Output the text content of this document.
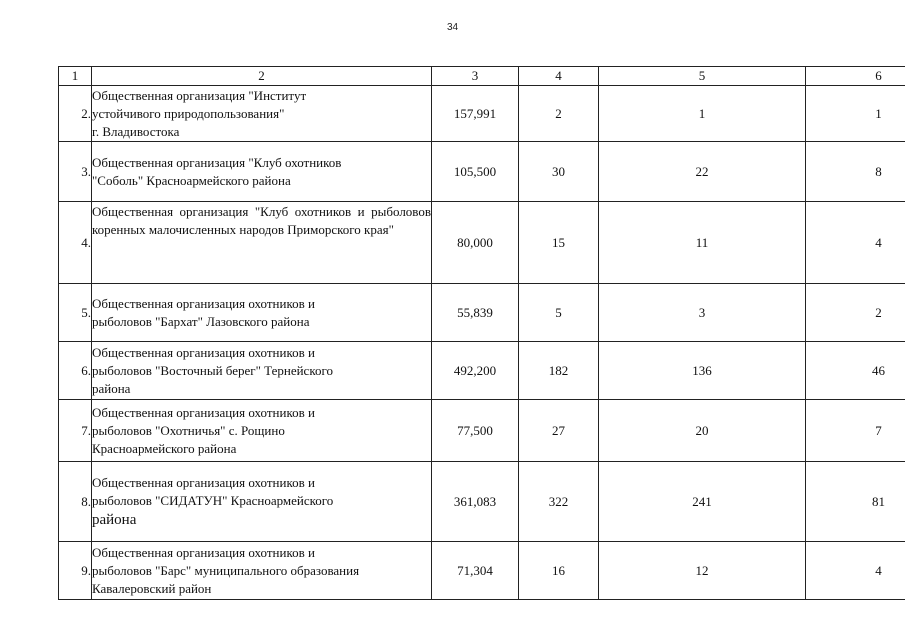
34
1	2	3	4	5	6
2.	Общественная организация "Институт
устойчивого природопользования"
г. Владивостока	157,991	2	1	1
3.	Общественная организация "Клуб охотников
"Соболь" Красноармейского района	105,500	30	22	8
4.	Общественная организация "Клуб охотников и рыболовов коренных малочисленных народов Приморского края"	80,000	15	11	4
5.	Общественная организация охотников и
рыболовов "Бархат" Лазовского района	55,839	5	3	2
6.	Общественная организация охотников и
рыболовов "Восточный берег" Тернейского
района	492,200	182	136	46
7.	Общественная организация охотников и
рыболовов "Охотничья" с. Рощино
Красноармейского района	77,500	27	20	7
8.	Общественная организация охотников и
рыболовов "СИДАТУН" Красноармейского
района	361,083	322	241	81
9.	Общественная организация охотников и
рыболовов "Барс" муниципального образования
Кавалеровский район	71,304	16	12	4
